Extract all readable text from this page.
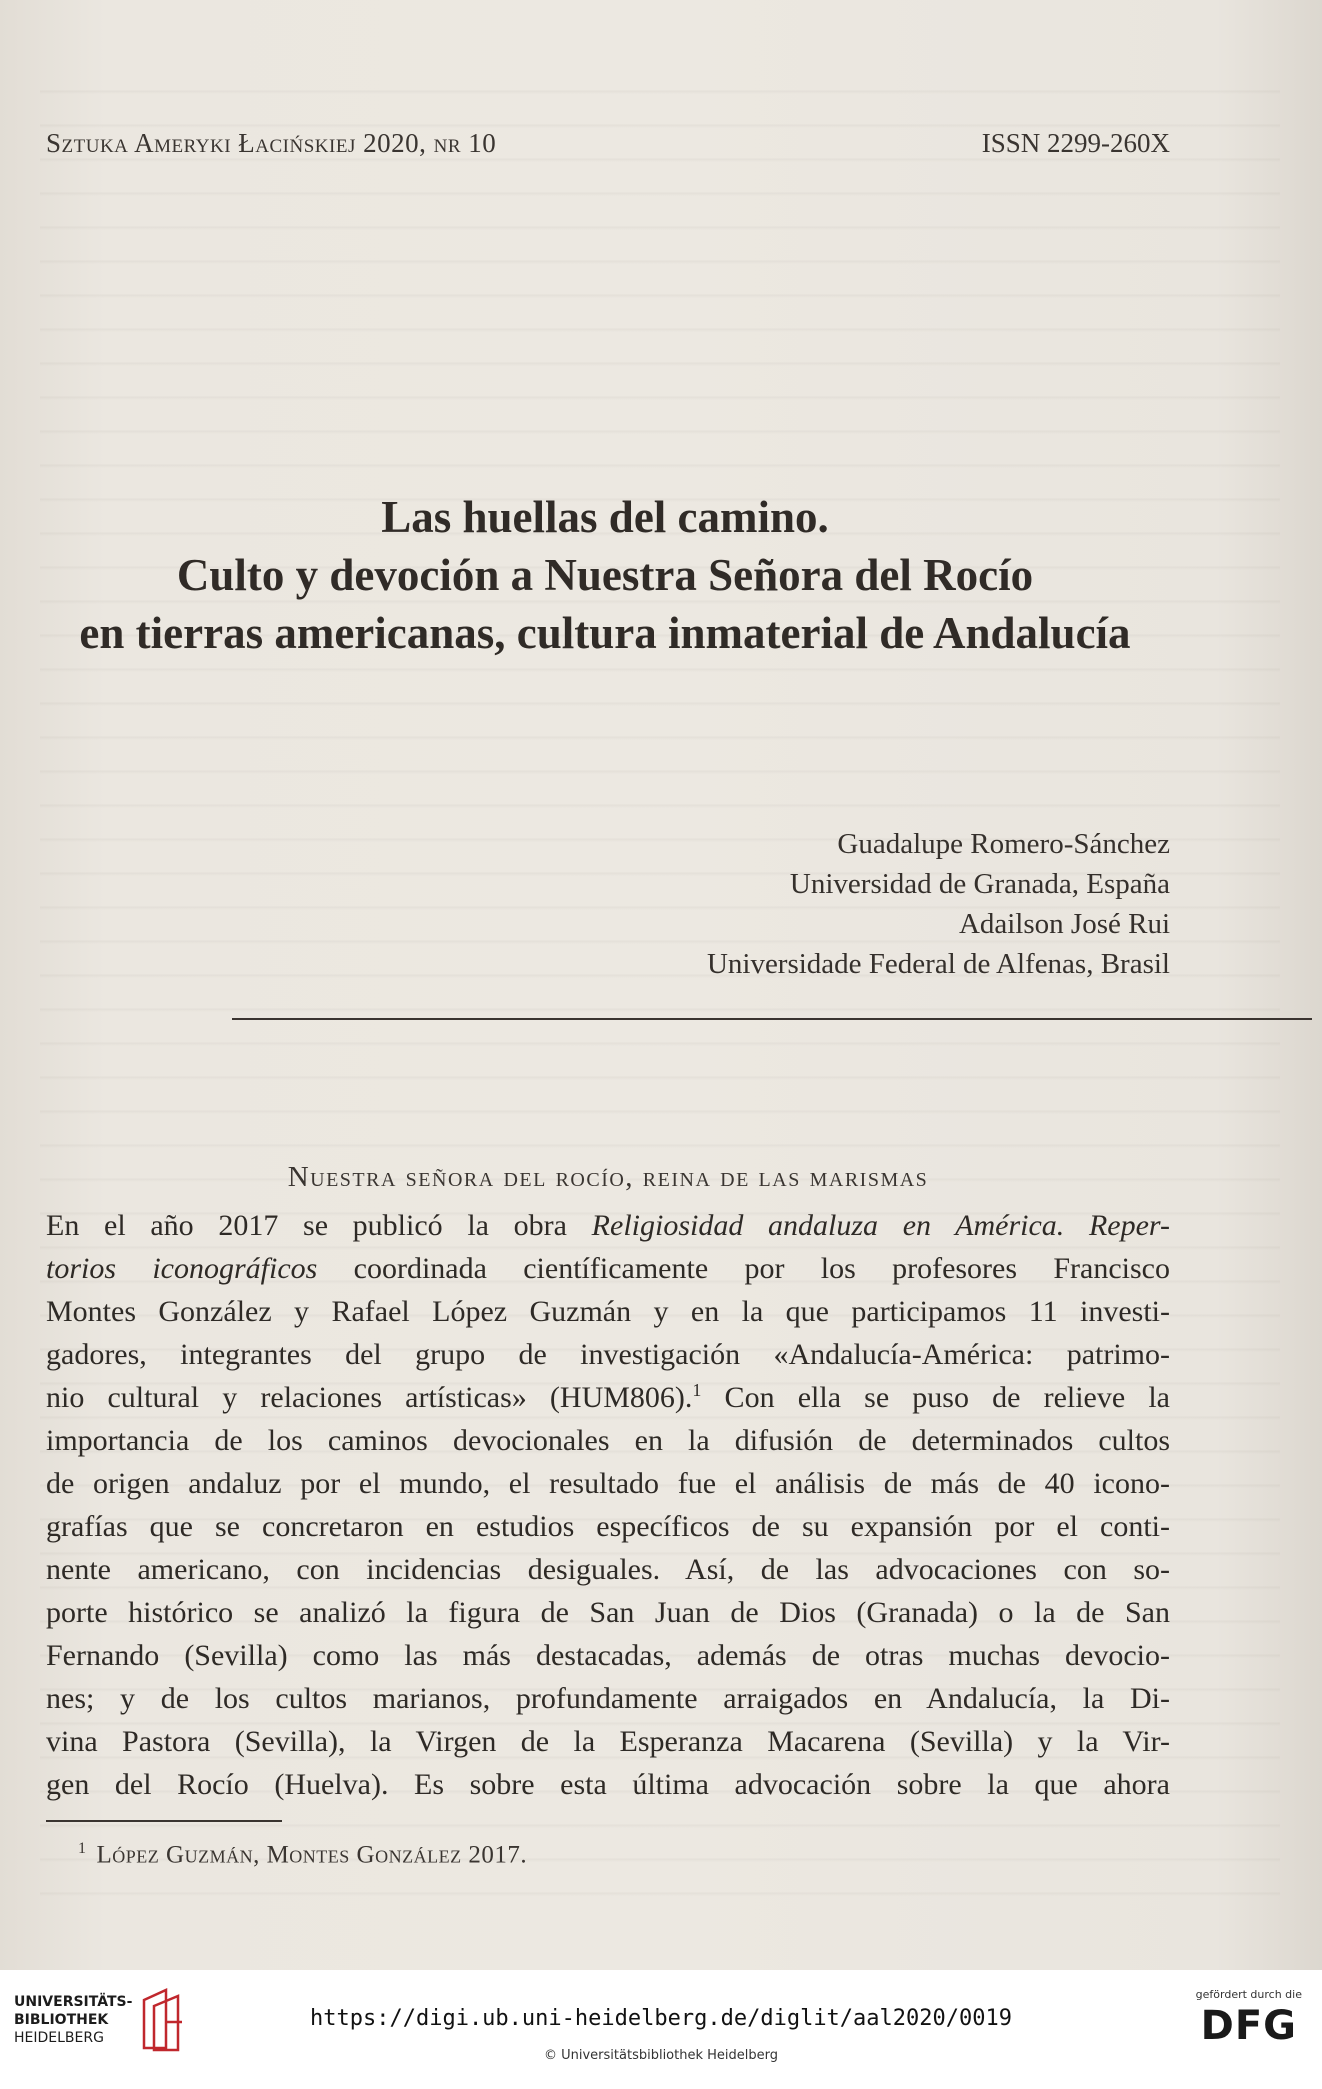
Sztuka Ameryki Łacińskiej 2020, nr 10	ISSN 2299-260X
Las huellas del camino.
Culto y devoción a Nuestra Señora del Rocío
en tierras americanas, cultura inmaterial de Andalucía
Guadalupe Romero-Sánchez
Universidad de Granada, España
Adailson José Rui
Universidade Federal de Alfenas, Brasil
Nuestra señora del rocío, reina de las marismas
En el año 2017 se publicó la obra Religiosidad andaluza en América. Reper-
torios iconográficos coordinada científicamente por los profesores Francisco
Montes González y Rafael López Guzmán y en la que participamos 11 investi-
gadores, integrantes del grupo de investigación «Andalucía-América: patrimo-
nio cultural y relaciones artísticas» (HUM806).$^1$ Con ella se puso de relieve la
importancia de los caminos devocionales en la difusión de determinados cultos
de origen andaluz por el mundo, el resultado fue el análisis de más de 40 icono-
grafías que se concretaron en estudios específicos de su expansión por el conti-
nente americano, con incidencias desiguales. Así, de las advocaciones con so-
porte histórico se analizó la figura de San Juan de Dios (Granada) o la de San
Fernando (Sevilla) como las más destacadas, además de otras muchas devocio-
nes; y de los cultos marianos, profundamente arraigados en Andalucía, la Di-
vina Pastora (Sevilla), la Virgen de la Esperanza Macarena (Sevilla) y la Vir-
gen del Rocío (Huelva). Es sobre esta última advocación sobre la que ahora
$^1$ López Guzmán, Montes González 2017.
UNIVERSITÄTS-
BIBLIOTHEK
HEIDELBERG
https://digi.ub.uni-heidelberg.de/diglit/aal2020/0019
© Universitätsbibliothek Heidelberg
gefördert durch die
DFG
